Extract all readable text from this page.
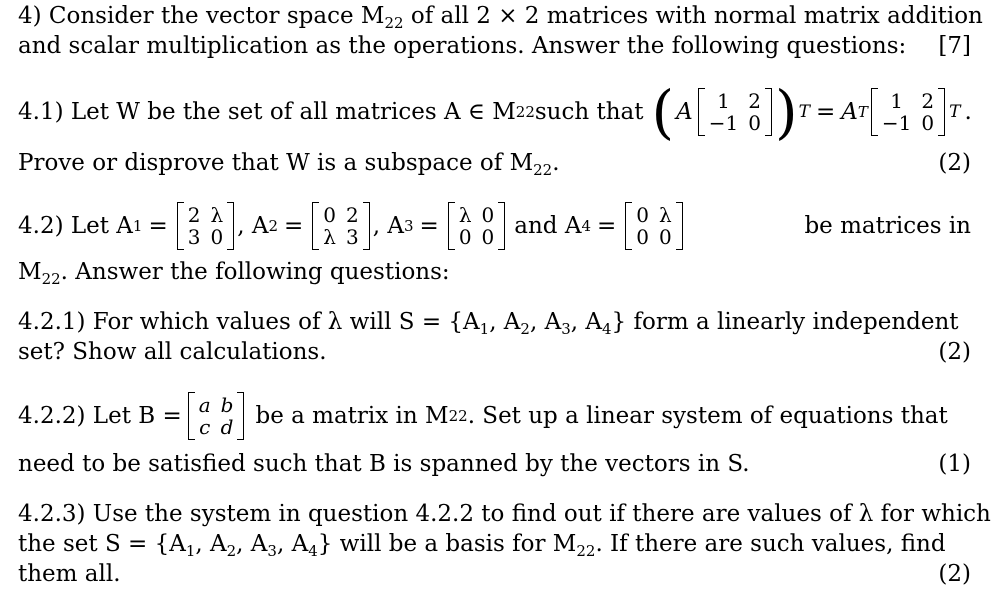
4) Consider the vector space $M_{22}$ of all 2 × 2 matrices with normal matrix addition
and scalar multiplication as the operations. Answer the following questions: [7]
4.1) Let W be the set of all matrices A ∈ M 22 such that ( A	1 2
−1 0 ) T = A T	1 2
−1 0 T .
Prove or disprove that W is a subspace of $M_{22}$.	(2)
4.2) Let A 1 = 2 λ
3 0 , A 2 = 0 2
λ 3 , A 3 = λ 0
0 0 and A 4 = 0 λ
0 0	be matrices in
$M_{22}$. Answer the following questions:
4.2.1) For which values of λ will $S = \{A_1$, $A_2$, $A_3$, $A_4$} form a linearly independent
set? Show all calculations.	(2)
4.2.2) Let B = a b
c d be a matrix in M 22 . Set up a linear system of equations that
need to be satisfied such that B is spanned by the vectors in S.	(1)
4.2.3) Use the system in question 4.2.2 to find out if there are values of λ for which
the set $S = \{A_1$, $A_2$, $A_3$, $A_4$} will be a basis for $M_{22}$. If there are such values, find
them all.	(2)
